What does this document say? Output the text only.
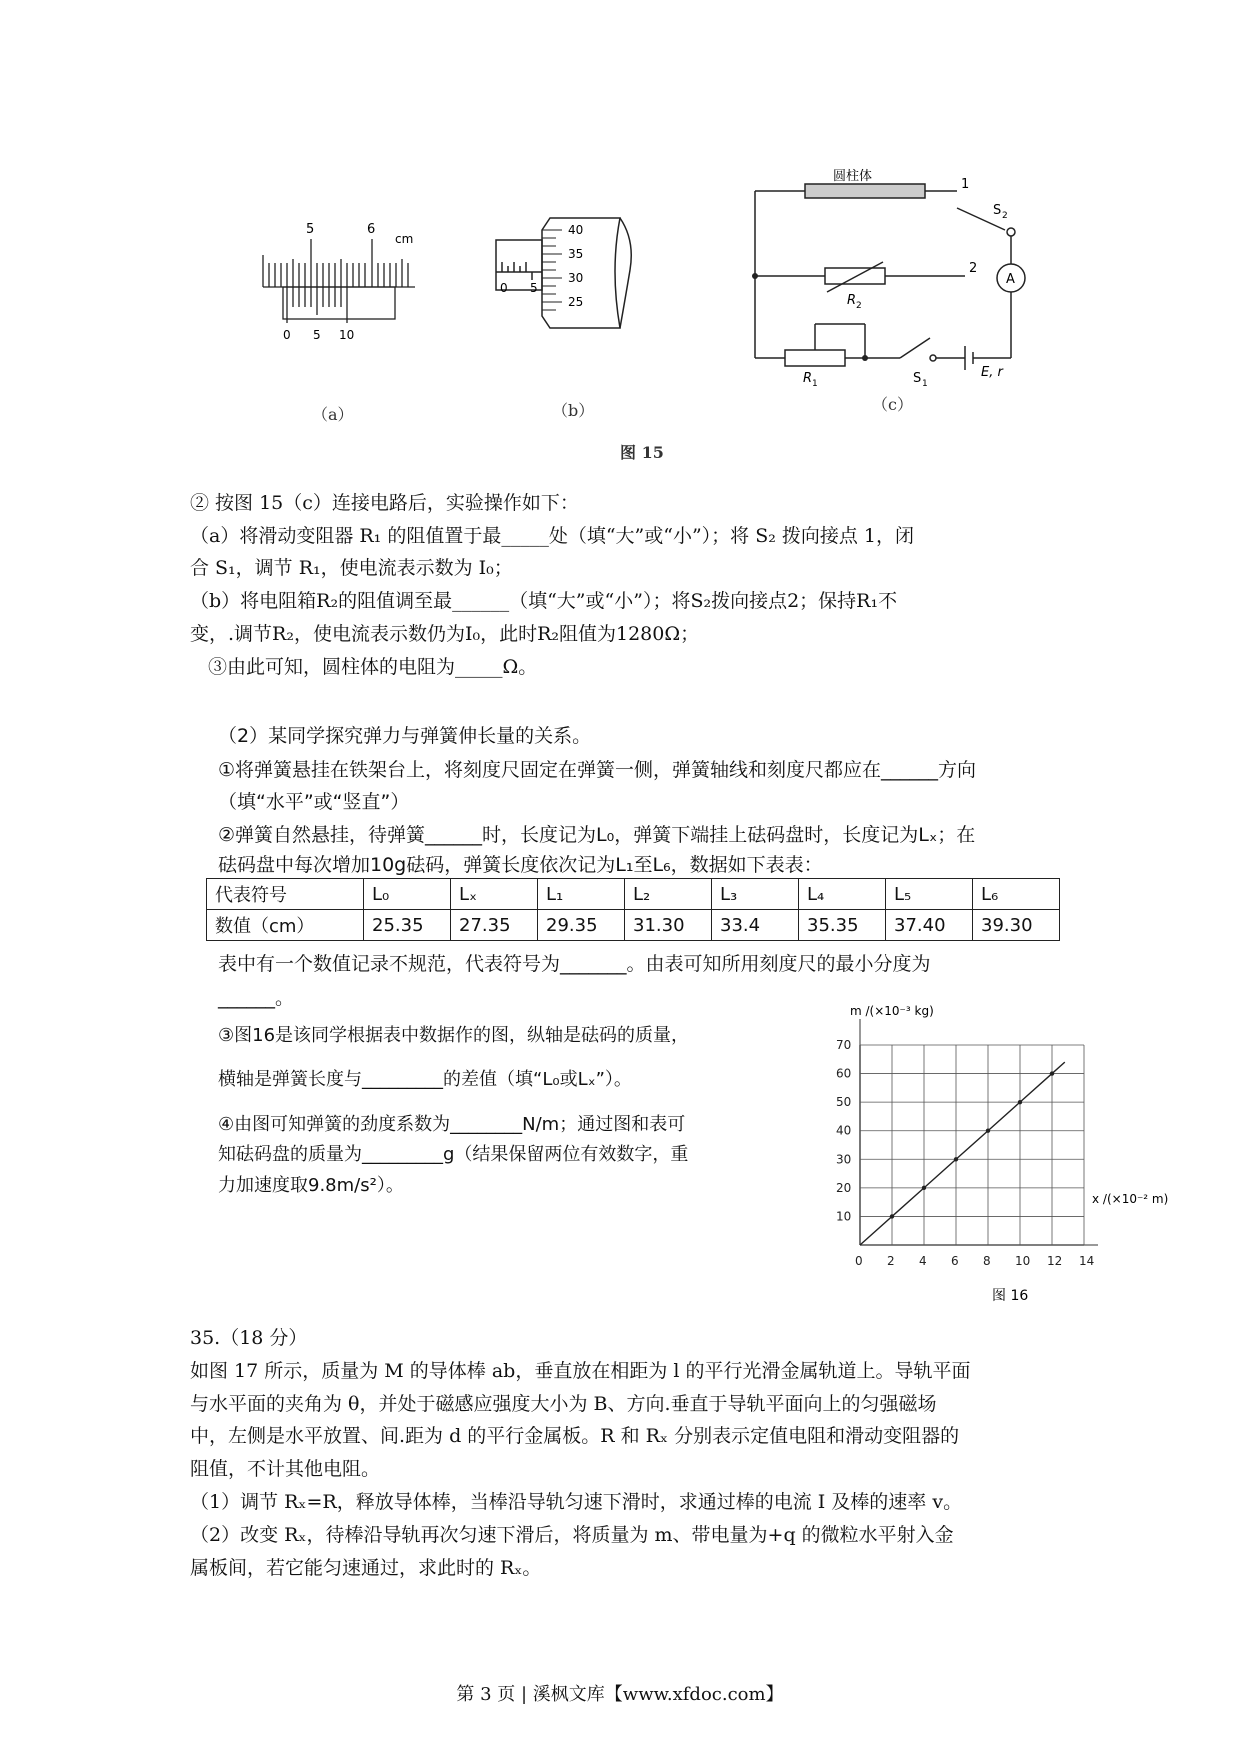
5	6
cm
0 5 10
40
35
30
25
0 5
圆柱体
1
2
S 2
R 2
A
R 1	S 1
E, r
（a）	（b）	（c）
图 15
② 按图 15（c）连接电路后，实验操作如下：
（a）将滑动变阻器 R₁ 的阻值置于最_____处（填“大”或“小”）；将 S₂ 拨向接点 1，闭
合 S₁，调节 R₁，使电流表示数为 I₀；
（b）将电阻箱R₂的阻值调至最______（填“大”或“小”）；将S₂拨向接点2；保持R₁不
变，.调节R₂，使电流表示数仍为I₀，此时R₂阻值为1280Ω；
③由此可知，圆柱体的电阻为_____Ω。
（2）某同学探究弹力与弹簧伸长量的关系。
①将弹簧悬挂在铁架台上，将刻度尺固定在弹簧一侧，弹簧轴线和刻度尺都应在______方向
（填“水平”或“竖直”）
②弹簧自然悬挂，待弹簧______时，长度记为L₀，弹簧下端挂上砝码盘时，长度记为Lₓ；在
砝码盘中每次增加10g砝码，弹簧长度依次记为L₁至L₆，数据如下表表：
代表符号	L₀	Lₓ	L₁	L₂	L₃	L₄	L₅	L₆
数值（cm）	25.35	27.35	29.35	31.30	33.4	35.35	37.40	39.30
表中有一个数值记录不规范，代表符号为_______。由表可知所用刻度尺的最小分度为
______。
③图16是该同学根据表中数据作的图，纵轴是砝码的质量，
横轴是弹簧长度与_________的差值（填“L₀或Lₓ”）。
④由图可知弹簧的劲度系数为________N/m；通过图和表可
知砝码盘的质量为_________g（结果保留两位有效数字，重
力加速度取9.8m/s²）。
m /(×10⁻³ kg)
x /(×10⁻² m)
图 16
0 2 4 6 8 10 12 14
10
20
30
40
50
60
70
35.（18 分）
如图 17 所示，质量为 M 的导体棒 ab，垂直放在相距为 l 的平行光滑金属轨道上。导轨平面
与水平面的夹角为 θ，并处于磁感应强度大小为 B、方向.垂直于导轨平面向上的匀强磁场
中，左侧是水平放置、间.距为 d 的平行金属板。R 和 Rₓ 分别表示定值电阻和滑动变阻器的
阻值，不计其他电阻。
（1）调节 Rₓ=R，释放导体棒，当棒沿导轨匀速下滑时，求通过棒的电流 I 及棒的速率 v。
（2）改变 Rₓ，待棒沿导轨再次匀速下滑后，将质量为 m、带电量为+q 的微粒水平射入金
属板间，若它能匀速通过，求此时的 Rₓ。
第 3 页 | 溪枫文库【www.xfdoc.com】
